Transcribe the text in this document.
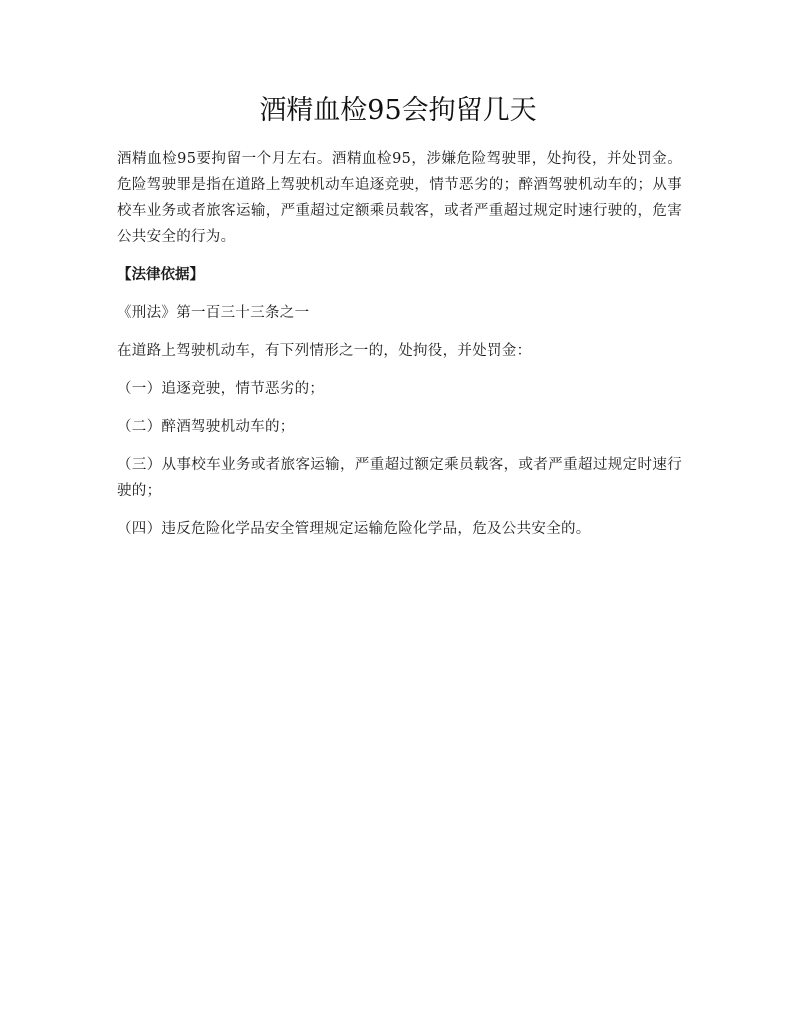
酒精血检95会拘留几天

酒精血检95要拘留一个月左右。酒精血检95，涉嫌危险驾驶罪，处拘役，并处罚金。危险驾驶罪是指在道路上驾驶机动车追逐竞驶，情节恶劣的；醉酒驾驶机动车的；从事校车业务或者旅客运输，严重超过定额乘员载客，或者严重超过规定时速行驶的，危害公共安全的行为。

【法律依据】

《刑法》第一百三十三条之一

在道路上驾驶机动车，有下列情形之一的，处拘役，并处罚金：

（一）追逐竞驶，情节恶劣的；

（二）醉酒驾驶机动车的；

（三）从事校车业务或者旅客运输，严重超过额定乘员载客，或者严重超过规定时速行驶的；

（四）违反危险化学品安全管理规定运输危险化学品，危及公共安全的。
